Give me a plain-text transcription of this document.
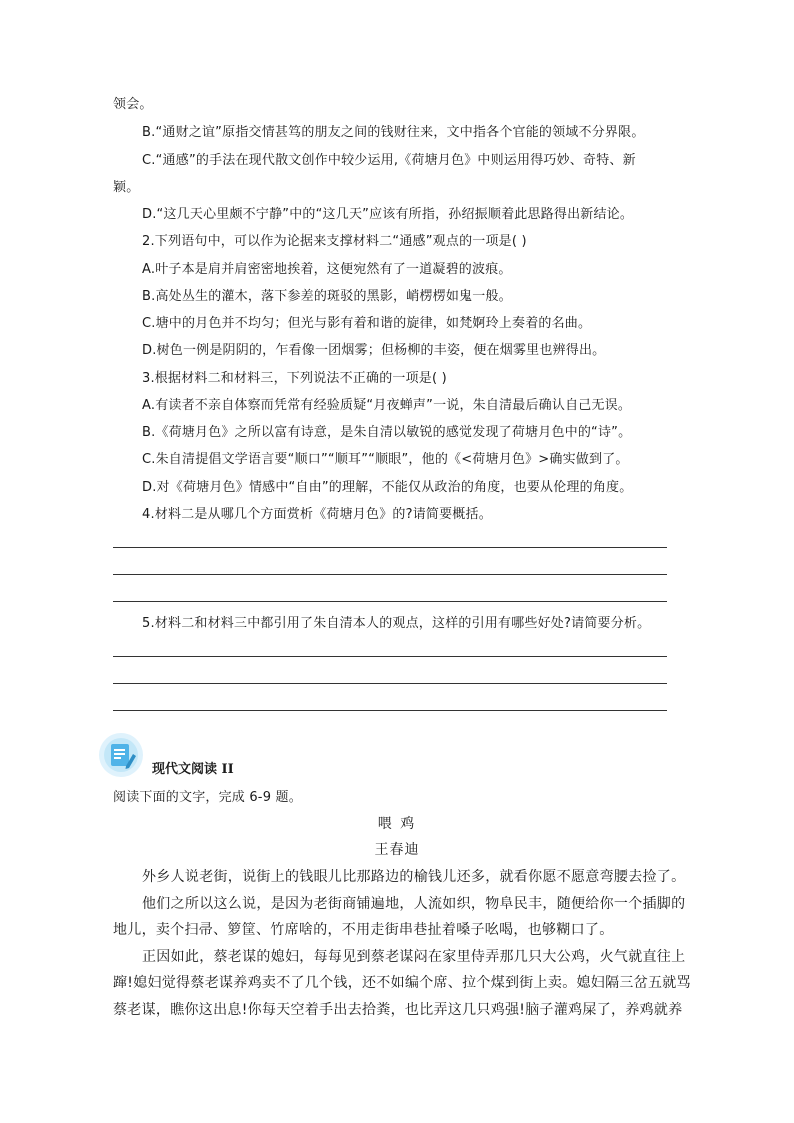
领会。
B.“通财之谊”原指交情甚笃的朋友之间的钱财往来，文中指各个官能的领域不分界限。
C.“通感”的手法在现代散文创作中较少运用,《荷塘月色》中则运用得巧妙、奇特、新
颖。
D.“这几天心里颇不宁静”中的“这几天”应该有所指，孙绍振顺着此思路得出新结论。
2.下列语句中，可以作为论据来支撑材料二“通感”观点的一项是( )
A.叶子本是肩并肩密密地挨着，这便宛然有了一道凝碧的波痕。
B.高处丛生的灌木，落下参差的斑驳的黑影，峭楞楞如鬼一般。
C.塘中的月色并不均匀；但光与影有着和谐的旋律，如梵婀玲上奏着的名曲。
D.树色一例是阴阴的，乍看像一团烟雾；但杨柳的丰姿，便在烟雾里也辨得出。
3.根据材料二和材料三，下列说法不正确的一项是( )
A.有读者不亲自体察而凭常有经验质疑“月夜蝉声”一说，朱自清最后确认自己无误。
B.《荷塘月色》之所以富有诗意，是朱自清以敏锐的感觉发现了荷塘月色中的“诗”。
C.朱自清提倡文学语言要“顺口”“顺耳”“顺眼”，他的《<荷塘月色》>确实做到了。
D.对《荷塘月色》情感中“自由”的理解，不能仅从政治的角度，也要从伦理的角度。
4.材料二是从哪几个方面赏析《荷塘月色》的?请简要概括。
5.材料二和材料三中都引用了朱自清本人的观点，这样的引用有哪些好处?请简要分析。
现代文阅读 II
阅读下面的文字，完成 6-9 题。
喂 鸡
王春迪
外乡人说老街，说街上的钱眼儿比那路边的榆钱儿还多，就看你愿不愿意弯腰去捡了。
他们之所以这么说，是因为老街商铺遍地，人流如织，物阜民丰，随便给你一个插脚的
地儿，卖个扫帚、箩筐、竹席啥的，不用走街串巷扯着嗓子吆喝，也够糊口了。
正因如此，蔡老谋的媳妇，每每见到蔡老谋闷在家里侍弄那几只大公鸡，火气就直往上
蹿!媳妇觉得蔡老谋养鸡卖不了几个钱，还不如编个席、拉个煤到街上卖。媳妇隔三岔五就骂
蔡老谋，瞧你这出息!你每天空着手出去拾粪，也比弄这几只鸡强!脑子灌鸡屎了，养鸡就养
